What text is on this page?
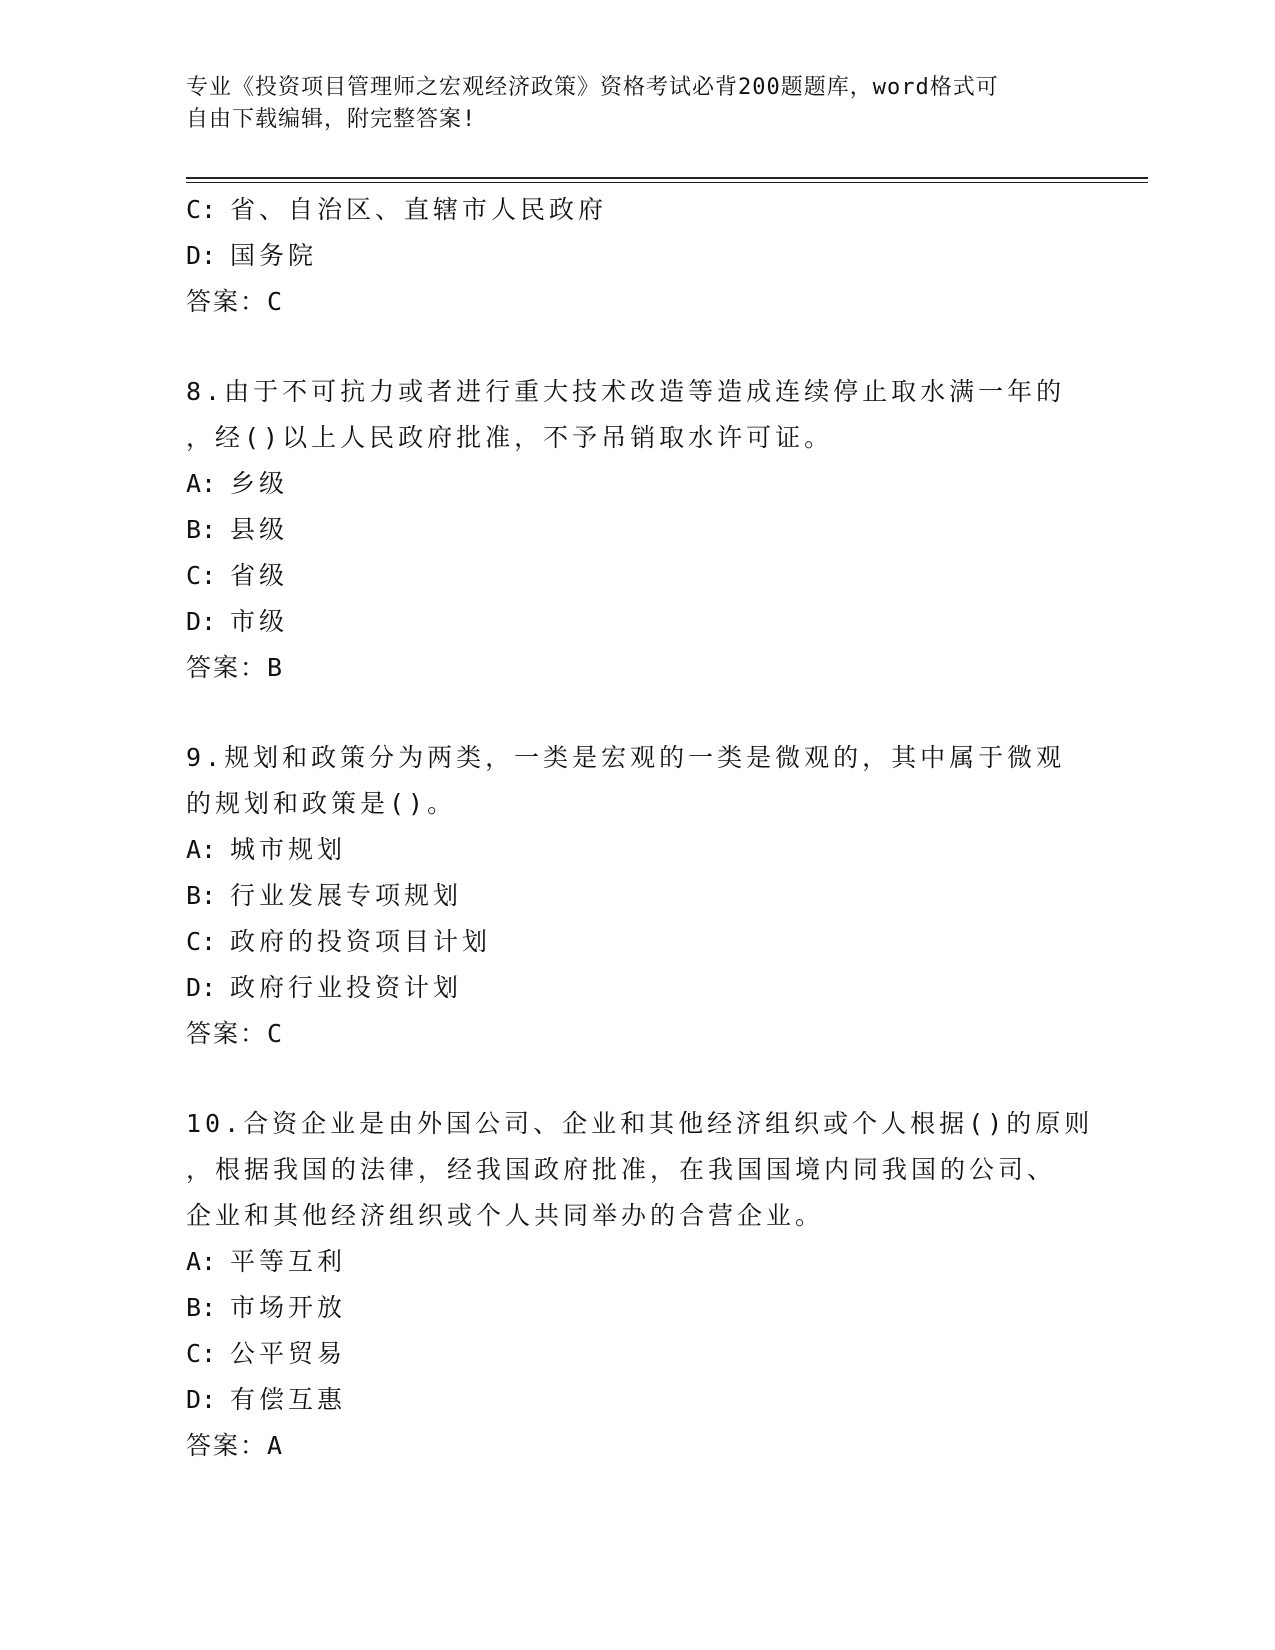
专业《投资项目管理师之宏观经济政策》资格考试必背200题题库，word格式可
自由下载编辑，附完整答案!
C: 省、自治区、直辖市人民政府
D: 国务院
答案：C
8.由于不可抗力或者进行重大技术改造等造成连续停止取水满一年的
，经()以上人民政府批准，不予吊销取水许可证。
A: 乡级
B: 县级
C: 省级
D: 市级
答案：B
9.规划和政策分为两类，一类是宏观的一类是微观的，其中属于微观
的规划和政策是()。
A: 城市规划
B: 行业发展专项规划
C: 政府的投资项目计划
D: 政府行业投资计划
答案：C
10.合资企业是由外国公司、企业和其他经济组织或个人根据()的原则
，根据我国的法律，经我国政府批准，在我国国境内同我国的公司、
企业和其他经济组织或个人共同举办的合营企业。
A: 平等互利
B: 市场开放
C: 公平贸易
D: 有偿互惠
答案：A
